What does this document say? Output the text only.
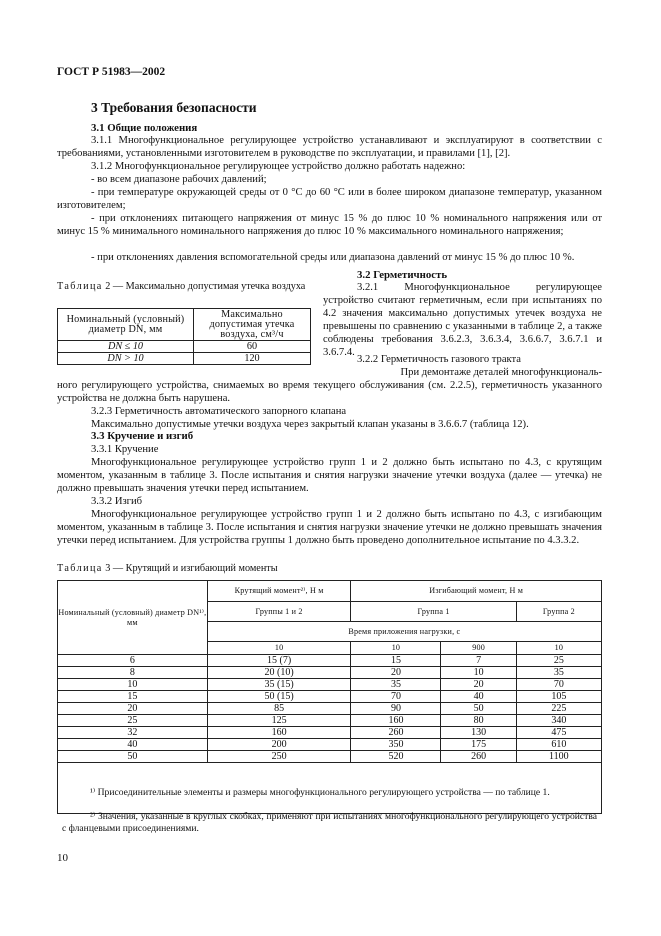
ГОСТ Р 51983—2002
3 Требования безопасности
3.1 Общие положения
3.1.1 Многофункциональное регулирующее устройство устанавливают и эксплуатируют в соответствии с требованиями, установленными изготовителем в руководстве по эксплуатации, и правилами [1], [2].
3.1.2 Многофункциональное регулирующее устройство должно работать надежно:
- во всем диапазоне рабочих давлений;
- при температуре окружающей среды от 0 °С до 60 °С или в более широком диапазоне температур, указанном изготовителем;
- при отклонениях питающего напряжения от минус 15 % до плюс 10 % номинального напряжения или от минус 15 % минимального номинального напряжения до плюс 10 % максимального номинального напряжения;
- при отклонениях давления вспомогательной среды или диапазона давлений от минус 15 % до плюс 10 %.
Таблица 2 — Максимально допустимая утечка воздуха
Номинальный (условный) диаметр DN, мм	Максимально допустимая утечка воздуха, см³/ч
DN ≤ 10	60
DN > 10	120
3.2 Герметичность
3.2.1 Многофункциональное регулирующее устройство считают герметичным, если при испытаниях по 4.2 значения максимально допустимых утечек воздуха не превышены по сравнению с указанными в таблице 2, а также соблюдены требования 3.6.2.3, 3.6.3.4, 3.6.6.7, 3.6.7.1 и 3.6.7.4.
3.2.2 Герметичность газового тракта
При демонтаже деталей многофункциональ-
ного регулирующего устройства, снимаемых во время текущего обслуживания (см. 2.2.5), герметичность указанного устройства не должна быть нарушена.
3.2.3 Герметичность автоматического запорного клапана
Максимально допустимые утечки воздуха через закрытый клапан указаны в 3.6.6.7 (таблица 12).
3.3 Кручение и изгиб
3.3.1 Кручение
Многофункциональное регулирующее устройство групп 1 и 2 должно быть испытано по 4.3, с крутящим моментом, указанным в таблице 3. После испытания и снятия нагрузки значение утечки воздуха (далее — утечка) не должно превышать значения утечки перед испытанием.
3.3.2 Изгиб
Многофункциональное регулирующее устройство групп 1 и 2 должно быть испытано по 4.3, с изгибающим моментом, указанным в таблице 3. После испытания и снятия нагрузки значение утечки не должно превышать значения утечки перед испытанием. Для устройства группы 1 должно быть проведено дополнительное испытание по 4.3.3.2.
Таблица 3 — Крутящий и изгибающий моменты
Номинальный (условный) диаметр DN¹⁾, мм	Крутящий момент²⁾, Н м	Изгибающий момент, Н м		
	Группы 1 и 2	Группа 1		Группа 2
	Время приложения нагрузки, с			
	10	10	900	10
6	15 (7)	15	7	25
8	20 (10)	20	10	35
10	35 (15)	35	20	70
15	50 (15)	70	40	105
20	85	90	50	225
25	125	160	80	340
32	160	260	130	475
40	200	350	175	610
50	250	520	260	1100

¹⁾ Присоединительные элементы и размеры многофункционального регулирующего устройства — по таблице 1.
²⁾ Значения, указанные в круглых скобках, применяют при испытаниях многофункционального регулирующего устройства с фланцевыми присоединениями.
10
